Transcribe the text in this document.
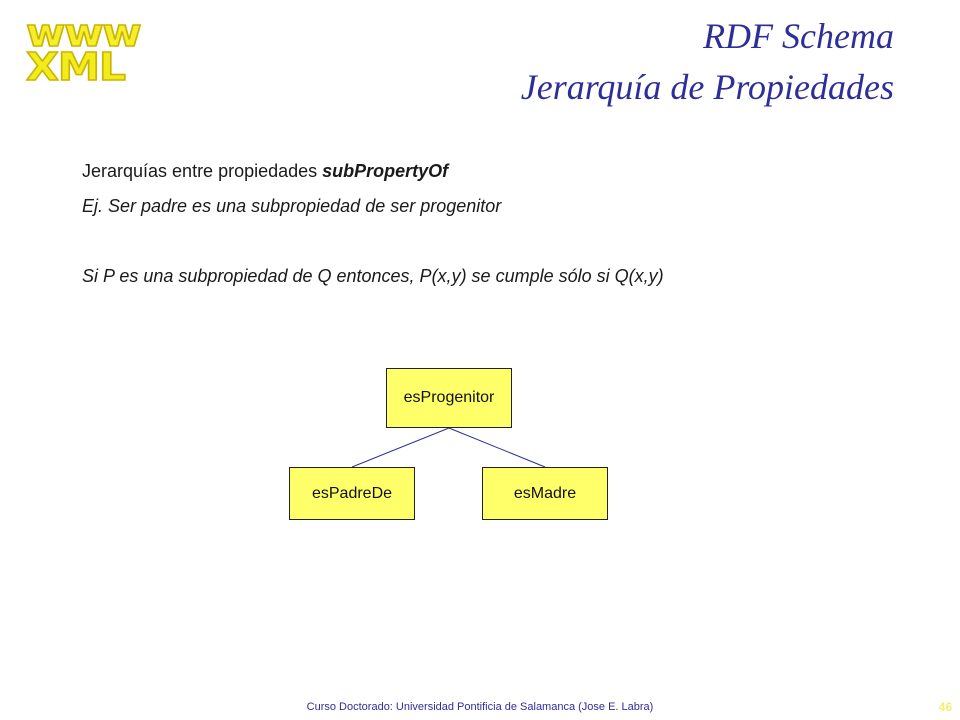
www
XML
RDF Schema
Jerarquía de Propiedades
Jerarquías entre propiedades subPropertyOf
Ej. Ser padre es una subpropiedad de ser progenitor
Si P es una subpropiedad de Q entonces, P(x,y) se cumple sólo si Q(x,y)
esProgenitor
esPadreDe	esMadre
Curso Doctorado: Universidad Pontificia de Salamanca (Jose E. Labra)	46
